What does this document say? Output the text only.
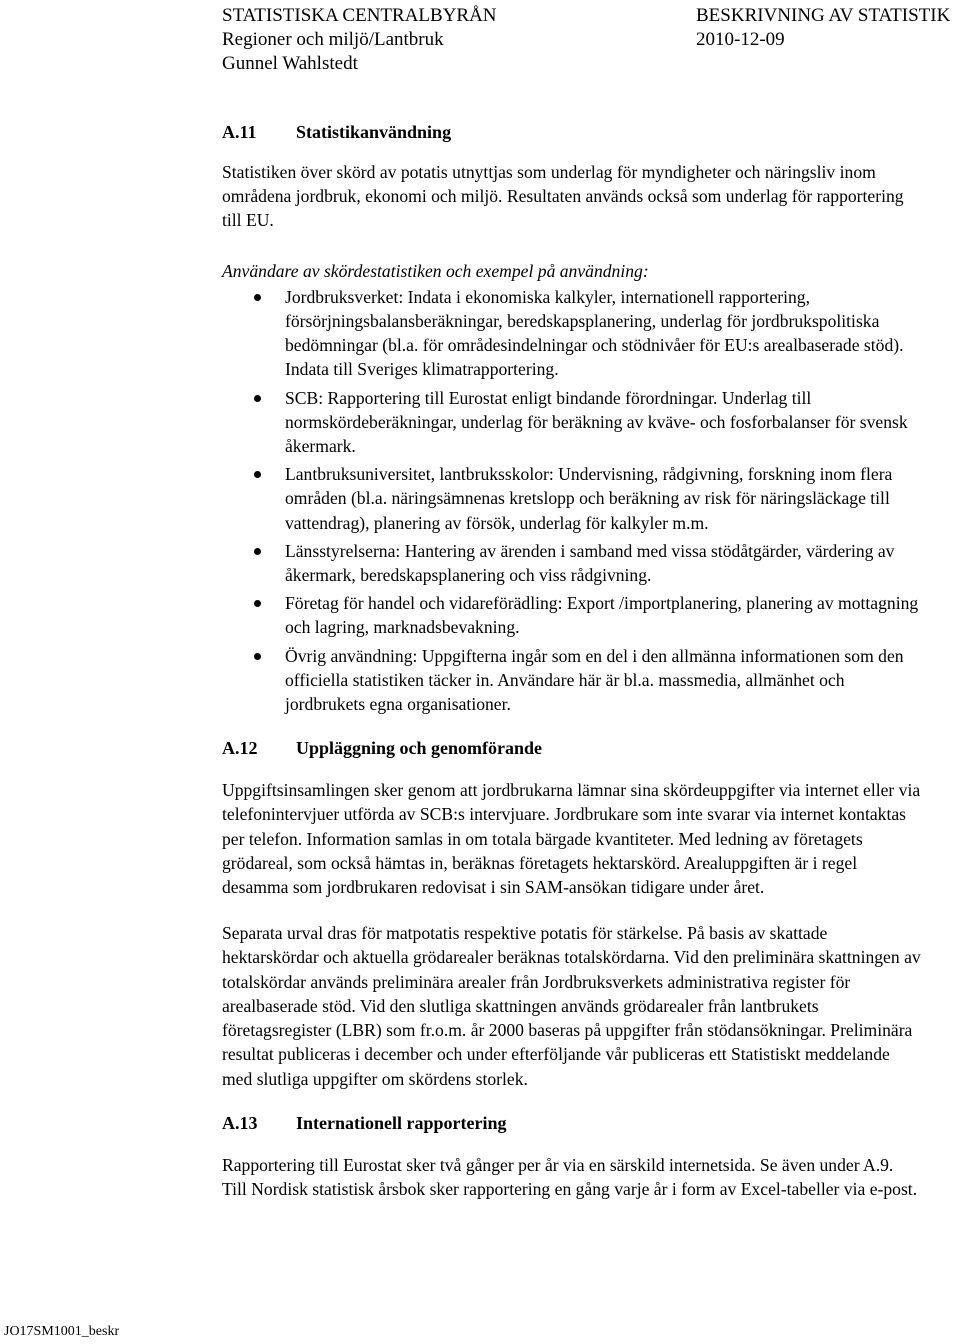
STATISTISKA CENTRALBYRÅN	BESKRIVNING AV STATISTIK
Regioner och miljö/Lantbruk	2010-12-09
Gunnel Wahlstedt
A.11	Statistikanvändning

Statistiken över skörd av potatis utnyttjas som underlag för myndigheter och näringsliv inom områdena jordbruk, ekonomi och miljö. Resultaten används också som underlag för rapportering till EU.

Användare av skördestatistiken och exempel på användning:

Jordbruksverket: Indata i ekonomiska kalkyler, internationell rapportering, försörjningsbalansberäkningar, beredskapsplanering, underlag för jordbrukspolitiska bedömningar (bl.a. för områdesindelningar och stödnivåer för EU:s arealbaserade stöd). Indata till Sveriges klimatrapportering.
SCB: Rapportering till Eurostat enligt bindande förordningar. Underlag till normskördeberäkningar, underlag för beräkning av kväve- och fosforbalanser för svensk åkermark.
Lantbruksuniversitet, lantbruksskolor: Undervisning, rådgivning, forskning inom flera områden (bl.a. näringsämnenas kretslopp och beräkning av risk för näringsläckage till vattendrag), planering av försök, underlag för kalkyler m.m.
Länsstyrelserna: Hantering av ärenden i samband med vissa stödåtgärder, värdering av åkermark, beredskapsplanering och viss rådgivning.
Företag för handel och vidareförädling: Export /importplanering, planering av mottagning och lagring, marknadsbevakning.
Övrig användning: Uppgifterna ingår som en del i den allmänna informationen som den officiella statistiken täcker in. Användare här är bl.a. massmedia, allmänhet och jordbrukets egna organisationer.
A.12	Uppläggning och genomförande

Uppgiftsinsamlingen sker genom att jordbrukarna lämnar sina skördeuppgifter via internet eller via telefonintervjuer utförda av SCB:s intervjuare. Jordbrukare som inte svarar via internet kontaktas per telefon. Information samlas in om totala bärgade kvantiteter. Med ledning av företagets grödareal, som också hämtas in, beräknas företagets hektarskörd. Arealuppgiften är i regel desamma som jordbrukaren redovisat i sin SAM-ansökan tidigare under året.

Separata urval dras för matpotatis respektive potatis för stärkelse. På basis av skattade hektarskördar och aktuella grödarealer beräknas totalskördarna. Vid den preliminära skattningen av totalskördar används preliminära arealer från Jordbruksverkets administrativa register för arealbaserade stöd. Vid den slutliga skattningen används grödarealer från lantbrukets företagsregister (LBR) som fr.o.m. år 2000 baseras på uppgifter från stödansökningar. Preliminära resultat publiceras i december och under efterföljande vår publiceras ett Statistiskt meddelande med slutliga uppgifter om skördens storlek.

A.13	Internationell rapportering

Rapportering till Eurostat sker två gånger per år via en särskild internetsida. Se även under A.9. Till Nordisk statistisk årsbok sker rapportering en gång varje år i form av Excel-tabeller via e-post.

JO17SM1001_beskr
